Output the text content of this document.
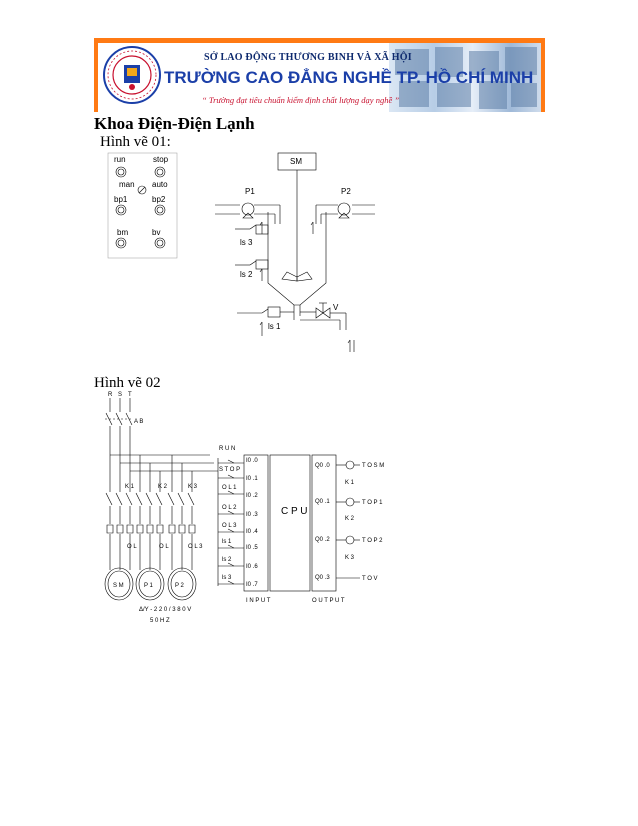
SỞ LAO ĐỘNG THƯƠNG BINH VÀ XÃ HỘI
TRƯỜNG CAO ĐẲNG NGHỀ TP. HỒ CHÍ MINH
“ Trường đạt tiêu chuẩn kiểm định chất lượng dạy nghề ”
Khoa Điện-Điện Lạnh
Hình vẽ 01:
Hình vẽ 02
run	stop
man auto
bp1	bp2
bm	bv
SM
P1	P2
ls 3
ls 2
ls 1
V
R S T
A B
K 1	K 2	K 3
O L	O L	O L 3
S M	P 1	P 2
Δ/Y - 2 2 0 / 3 8 0 V
5 0 H Z
R U N
S T O P
O L 1
O L 2
O L 3
ls 1
ls 2
ls 3
I0 .0
I0 .1
I0 .2
I0 .3
I0 .4
I0 .5
I0 .6
I0 .7
C P U
Q0 .0
Q0 .1
Q0 .2
Q0 .3
K 1
K 2
K 3
T O S M
T O P 1
T O P 2
T O V
I N P U T	O U T P U T
